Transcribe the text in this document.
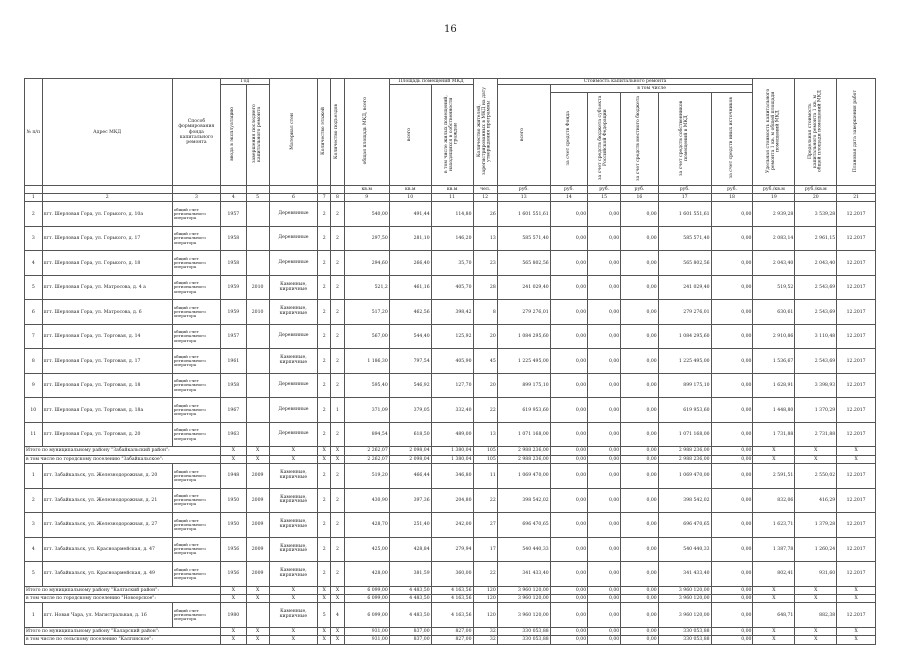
16
№ п/п	Адрес МКД	Способ формирования фонда капитального ремонта	Год		Материал стен	Количество этажей	Количество подъездов	общая площадь МКД, всего	Площадь помещений МКД		Количество жителей, зарегистрированных в МКД на дату утверждения программы	Стоимость капитального ремонта						Удельная стоимость капитального ремонта 1 кв. м общей площади помещений МКД	Предельная стоимость капитального ремонта 1 кв. м общей площади помещений МКД	Плановая дата завершения работ
			ввода в эксплуатацию	завершения последнего капитального ремонта					всего	в том числе жилых помещений, находящихся в собственности граждан		всего	в том числе							
													за счет средств Фонда	за счет средств бюджета субъекта Российской Федерации	за счет средств местного бюджета	за счет средств собственников помещений в МКД	за счет средств иных источников			
								кв.м	кв.м	кв.м	чел.	руб.	руб.	руб.	руб.	руб.	руб.	руб./кв.м	руб./кв.м	
1	2	3	4	5	6	7	8	9	10	11	12	13	14	15	16	17	18	19	20	21
2	пгт. Шерловая Гора, ул. Горького, д. 10а	общий счет регионального оператора	1957		Деревянные	2	2	540,00	491,44	114,80	26	1 601 551,61	0,00	0,00	0,00	1 601 551,61	0,00	2 939,28	3 539,28	12.2017
3	пгт. Шерловая Гора, ул. Горького, д. 17	общий счет регионального оператора	1958		Деревянные	2	2	297,50	281,10	146,20	13	585 571,40	0,00	0,00	0,00	585 571,40	0,00	2 083,14	2 961,15	12.2017
4	пгт. Шерловая Гора, ул. Горького, д. 18	общий счет регионального оператора	1958		Деревянные	2	2	294,60	266,40	35,70	23	565 802,56	0,00	0,00	0,00	565 802,56	0,00	2 043,40	2 043,40	12.2017
5	пгт. Шерловая Гора, ул. Матросова, д. 4 а	общий счет регионального оператора	1959	2010	Каменные, кирпичные	2	2	521,2	461,16	405,70	28	241 029,40	0,00	0,00	0,00	241 029,40	0,00	519,52	2 543,69	12.2017
6	пгт. Шерловая Гора, ул. Матросова, д. 6	общий счет регионального оператора	1959	2010	Каменные, кирпичные	2	2	517,20	462,56	398,42	8	279 276,01	0,00	0,00	0,00	279 276,01	0,00	630,61	2 543,69	12.2017
7	пгт. Шерловая Гора, ул. Торговая, д. 14	общий счет регионального оператора	1957		Деревянные	2	2	567,00	544,40	125,92	20	1 084 295,60	0,00	0,00	0,00	1 084 295,60	0,00	2 910,86	3 110,48	12.2017
8	пгт. Шерловая Гора, ул. Торговая, д. 17	общий счет регионального оператора	1961		Каменные, кирпичные	2	2	1 186,30	797,54	405,90	45	1 225 495,00	0,00	0,00	0,00	1 225 495,00	0,00	1 536,67	2 543,69	12.2017
9	пгт. Шерловая Гора, ул. Торговая, д. 18	общий счет регионального оператора	1958		Деревянные	2	2	595,40	546,92	127,70	20	899 175,10	0,00	0,00	0,00	899 175,10	0,00	1 628,91	3 398,93	12.2017
10	пгт. Шерловая Гора, ул. Торговая, д. 18а	общий счет регионального оператора	1967		Деревянные	2	1	371,09	379,05	332,40	22	619 953,60	0,00	0,00	0,00	619 953,60	0,00	1 448,80	1 370,29	12.2017
11	пгт. Шерловая Гора, ул. Торговая, д. 20	общий счет регионального оператора	1963		Деревянные	2	2	894,54	618,50	489,00	13	1 071 168,00	0,00	0,00	0,00	1 071 168,00	0,00	1 731,88	2 731,88	12.2017
Итого по муниципальному району "Забайкальский район":			Х	Х	Х	Х	Х	2 262,07	2 098,04	1 380,04	105	2 988 236,00	0,00	0,00	0,00	2 988 236,00	0,00	Х	Х	Х
в том числе по городскому поселению "Забайкальское":			Х	Х	Х	Х	Х	2 262,07	2 098,04	1 380,04	105	2 988 236,00	0,00	0,00	0,00	2 988 236,00	0,00	Х	Х	Х
1	пгт. Забайкальск, ул. Железнодорожная, д. 20	общий счет регионального оператора	1948	2009	Каменные, кирпичные	2	2	519,20	466,44	346,80	11	1 069 470,00	0,00	0,00	0,00	1 069 470,00	0,00	2 591,51	2 550,02	12.2017
2	пгт. Забайкальск, ул. Железнодорожная, д. 21	общий счет регионального оператора	1950	2009	Каменные, кирпичные	2	2	430,90	397,36	204,80	22	398 542,02	0,00	0,00	0,00	398 542,02	0,00	832,06	416,29	12.2017
3	пгт. Забайкальск, ул. Железнодорожная, д. 27	общий счет регионального оператора	1950	2009	Каменные, кирпичные	2	2	428,70	251,40	242,00	27	696 470,65	0,00	0,00	0,00	696 470,65	0,00	1 623,71	1 379,28	12.2017
4	пгт. Забайкальск, ул. Красноармейская, д. 47	общий счет регионального оператора	1956	2009	Каменные, кирпичные	2	2	425,00	428,84	279,94	17	540 440,33	0,00	0,00	0,00	540 440,33	0,00	1 387,78	1 260,24	12.2017
5	пгт. Забайкальск, ул. Красноармейская, д. 49	общий счет регионального оператора	1956	2009	Каменные, кирпичные	2	2	428,00	381,59	360,00	22	341 433,40	0,00	0,00	0,00	341 433,40	0,00	802,41	931,60	12.2017
Итого по муниципальному району "Калгаский район":			Х	Х	Х	Х	Х	6 099,00	4 483,50	4 163,56	120	3 960 120,00	0,00	0,00	0,00	3 960 120,00	0,00	Х	Х	Х
в том числе по городскому поселению "Новоорское":			Х	Х	Х	Х	Х	6 099,00	4 483,50	4 163,56	120	3 960 120,00	0,00	0,00	0,00	3 960 120,00	0,00	Х	Х	Х
1	пгт. Новая Чара, ул. Магистральная, д. 16	общий счет регионального оператора	1980		Каменные, кирпичные	5	4	6 099,00	4 483,50	4 163,56	120	3 960 120,00	0,00	0,00	0,00	3 960 120,00	0,00	648,71	882,38	12.2017
Итого по муниципальному району "Каларский район":			Х	Х	Х	Х	Х	931,00	837,00	827,00	32	330 053,88	0,00	0,00	0,00	330 053,88	0,00	Х	Х	Х
в том числе по сельскому поселению "Калгинское":			Х	Х	Х	Х	Х	931,00	837,00	827,00	32	330 053,88	0,00	0,00	0,00	330 053,88	0,00	Х	Х	Х
